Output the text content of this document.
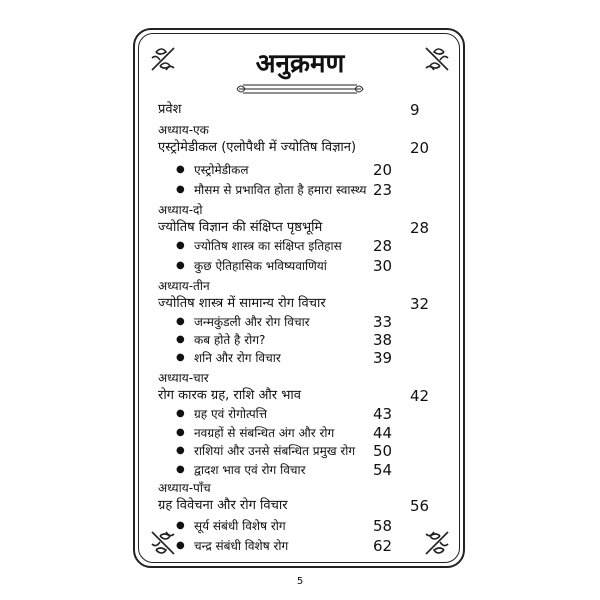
अनुक्रमण
प्रवेश	9
अध्याय-एक
एस्ट्रोमेडीकल (एलोपैथी में ज्योतिष विज्ञान)	20
● एस्ट्रोमेडीकल	20
● मौसम से प्रभावित होता है हमारा स्वास्थ्य 23
अध्याय-दो
ज्योतिष विज्ञान की संक्षिप्त पृष्ठभूमि	28
● ज्योतिष शास्त्र का संक्षिप्त इतिहास 28
● कुछ ऐतिहासिक भविष्यवाणियां	30
अध्याय-तीन
ज्योतिष शास्त्र में सामान्य रोग विचार	32
● जन्मकुंडली और रोग विचार	33
● कब होते है रोग?	38
● शनि और रोग विचार	39
अध्याय-चार
रोग कारक ग्रह, राशि और भाव	42
● ग्रह एवं रोगोत्पत्ति	43
● नवग्रहों से संबन्धित अंग और रोग	44
● राशियां और उनसे संबन्धित प्रमुख रोग 50
● द्वादश भाव एवं रोग विचार	54
अध्याय-पाँच
ग्रह विवेचना और रोग विचार	56
● सूर्य संबंधी विशेष रोग	58
● चन्द्र संबंधी विशेष रोग	62
5
